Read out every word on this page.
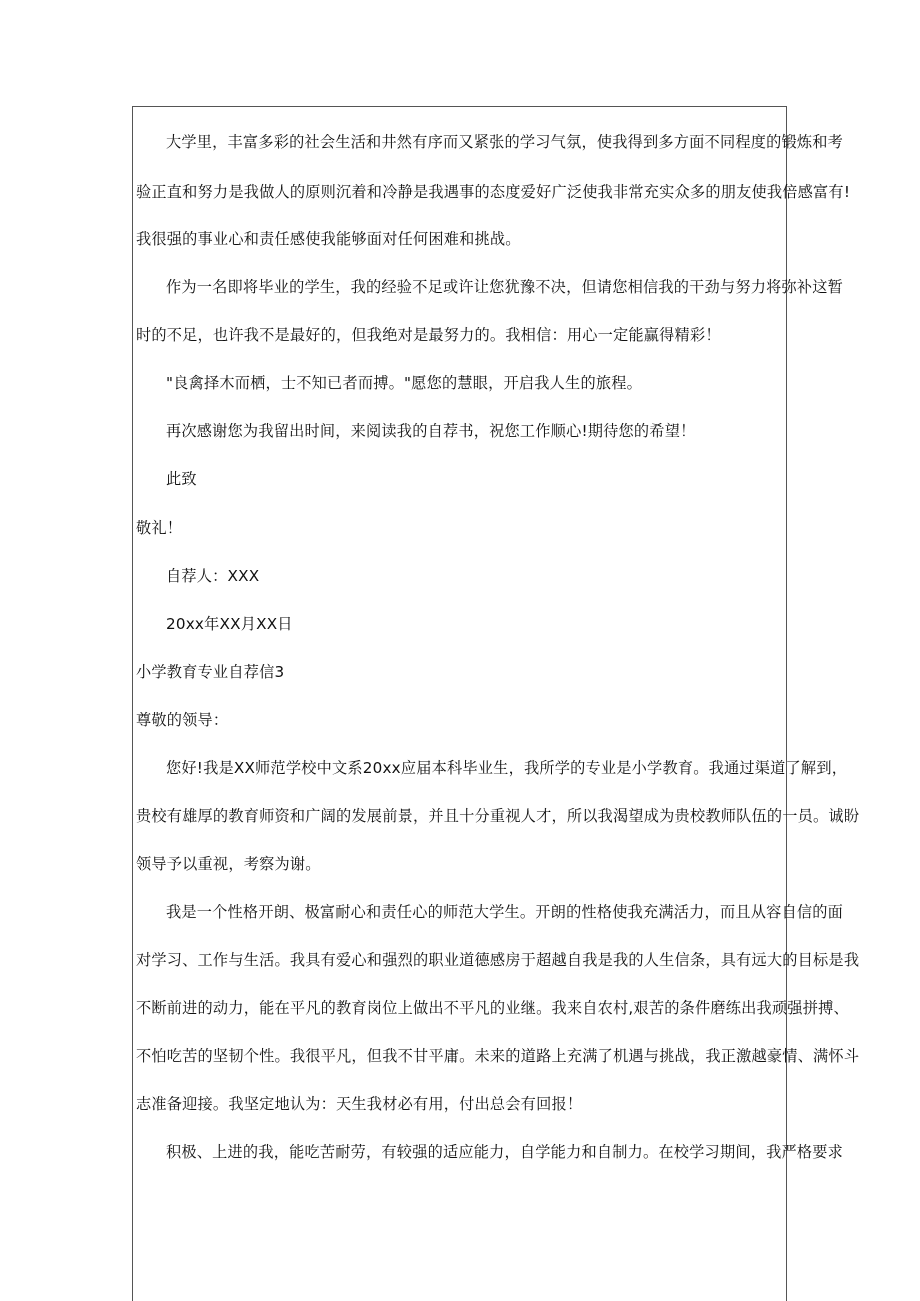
大学里，丰富多彩的社会生活和井然有序而又紧张的学习气氛，使我得到多方面不同程度的锻炼和考
验正直和努力是我做人的原则沉着和冷静是我遇事的态度爱好广泛使我非常充实众多的朋友使我倍感富有!
我很强的事业心和责任感使我能够面对任何困难和挑战。
作为一名即将毕业的学生，我的经验不足或许让您犹豫不决，但请您相信我的干劲与努力将弥补这暂
时的不足，也许我不是最好的，但我绝对是最努力的。我相信：用心一定能赢得精彩！
"良禽择木而栖，士不知已者而搏。"愿您的慧眼，开启我人生的旅程。
再次感谢您为我留出时间，来阅读我的自荐书，祝您工作顺心!期待您的希望！
此致
敬礼！
自荐人：XXX
20xx年XX月XX日
小学教育专业自荐信3
尊敬的领导：
您好!我是XX师范学校中文系20xx应届本科毕业生，我所学的专业是小学教育。我通过渠道了解到，
贵校有雄厚的教育师资和广阔的发展前景，并且十分重视人才，所以我渴望成为贵校教师队伍的一员。诚盼
领导予以重视，考察为谢。
我是一个性格开朗、极富耐心和责任心的师范大学生。开朗的性格使我充满活力，而且从容自信的面
对学习、工作与生活。我具有爱心和强烈的职业道德感房于超越自我是我的人生信条，具有远大的目标是我
不断前进的动力，能在平凡的教育岗位上做出不平凡的业继。我来自农村,艰苦的条件磨练出我顽强拼搏、
不怕吃苦的坚韧个性。我很平凡，但我不甘平庸。未来的道路上充满了机遇与挑战，我正激越豪情、满怀斗
志准备迎接。我坚定地认为：天生我材必有用，付出总会有回报！
积极、上进的我，能吃苦耐劳，有较强的适应能力，自学能力和自制力。在校学习期间，我严格要求
